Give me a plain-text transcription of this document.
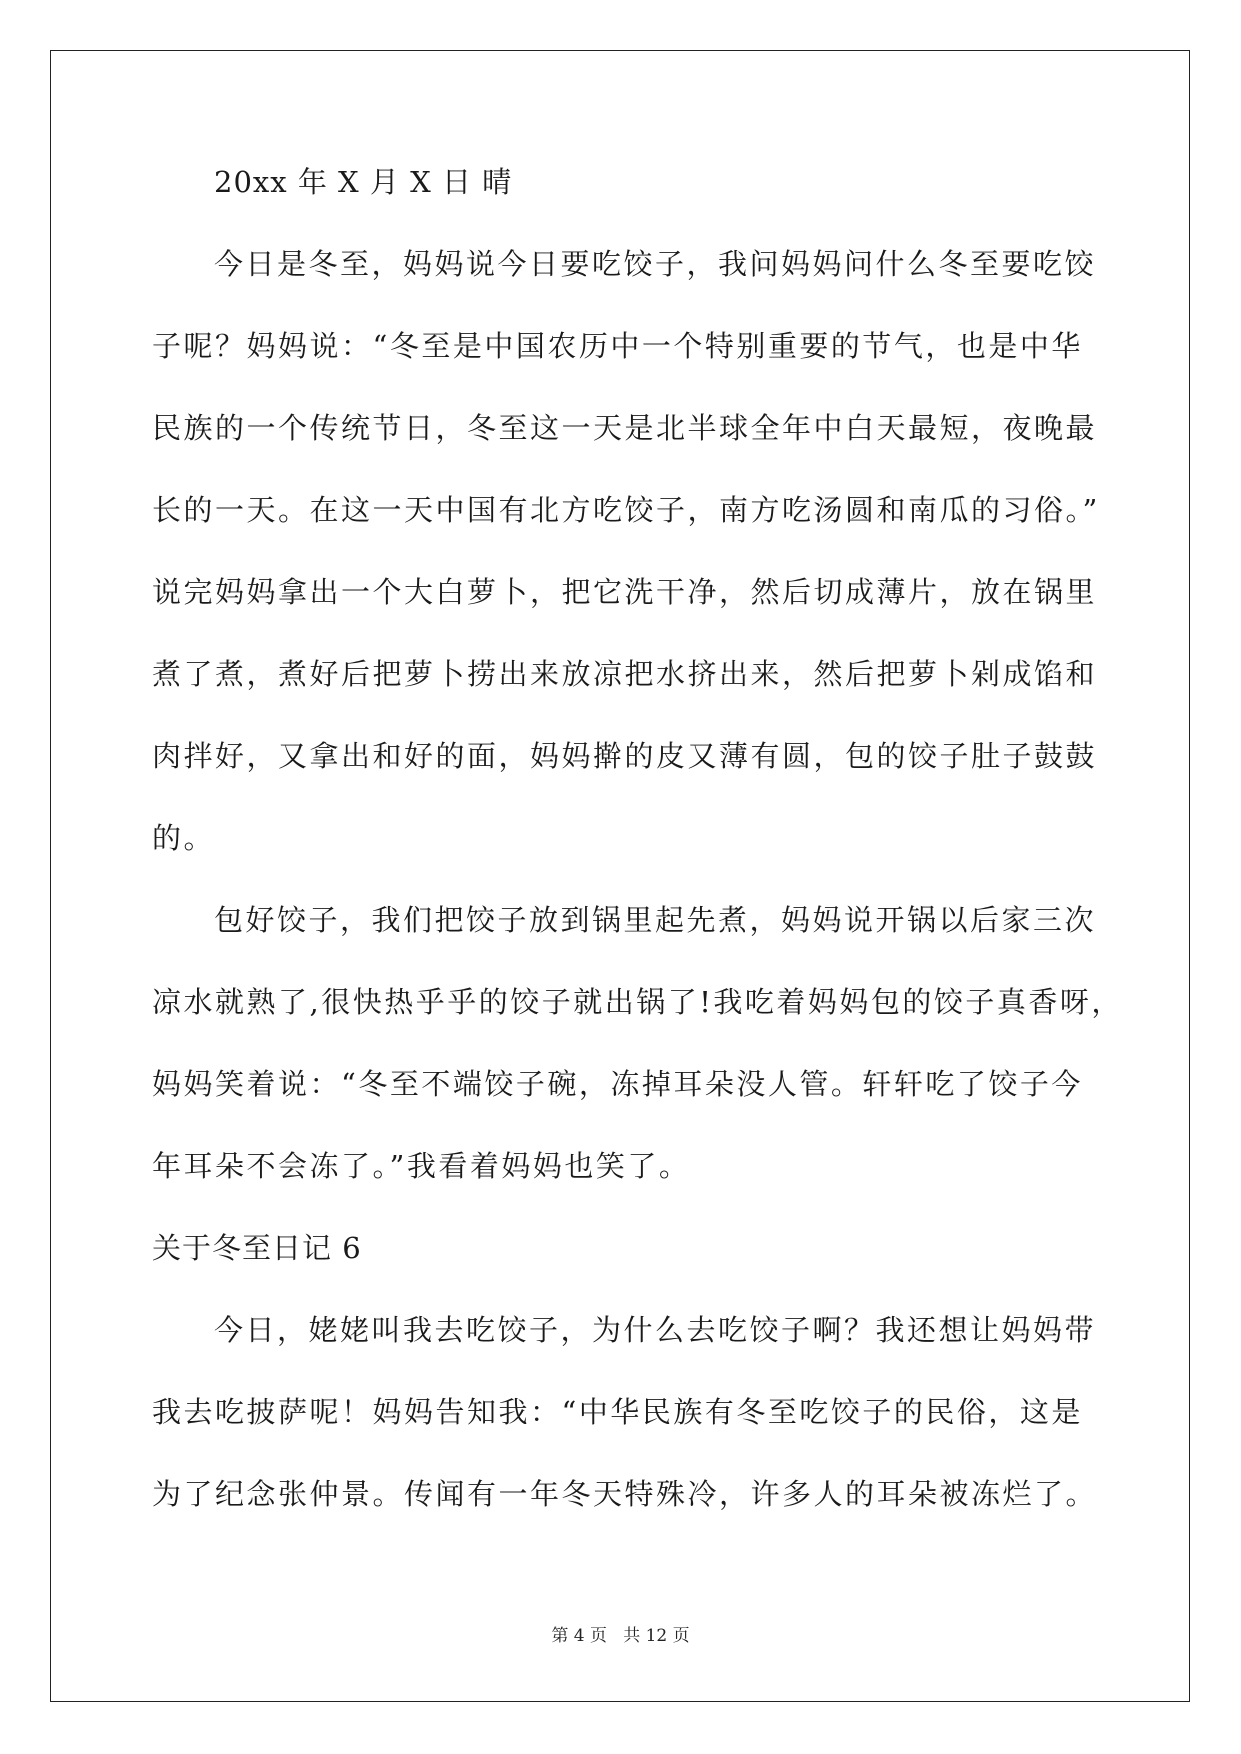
20xx 年 X 月 X 日 晴
今日是冬至，妈妈说今日要吃饺子，我问妈妈问什么冬至要吃饺
子呢？妈妈说：“冬至是中国农历中一个特别重要的节气，也是中华
民族的一个传统节日，冬至这一天是北半球全年中白天最短，夜晚最
长的一天。在这一天中国有北方吃饺子，南方吃汤圆和南瓜的习俗。”
说完妈妈拿出一个大白萝卜，把它洗干净，然后切成薄片，放在锅里
煮了煮，煮好后把萝卜捞出来放凉把水挤出来，然后把萝卜剁成馅和
肉拌好，又拿出和好的面，妈妈擀的皮又薄有圆，包的饺子肚子鼓鼓
的。
包好饺子，我们把饺子放到锅里起先煮，妈妈说开锅以后家三次
凉水就熟了,很快热乎乎的饺子就出锅了!我吃着妈妈包的饺子真香呀，
妈妈笑着说：“冬至不端饺子碗，冻掉耳朵没人管。轩轩吃了饺子今
年耳朵不会冻了。”我看着妈妈也笑了。
关于冬至日记 6
今日，姥姥叫我去吃饺子，为什么去吃饺子啊？我还想让妈妈带
我去吃披萨呢！妈妈告知我：“中华民族有冬至吃饺子的民俗，这是
为了纪念张仲景。传闻有一年冬天特殊冷，许多人的耳朵被冻烂了。
第 4 页   共 12 页
